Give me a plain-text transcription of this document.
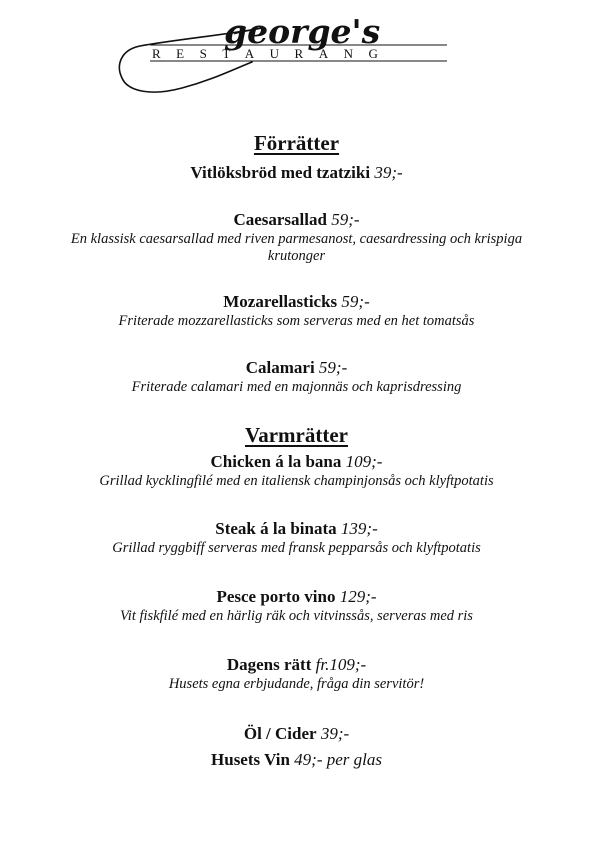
george's
RESTAURANG
Förrätter
Vitlöksbröd med tzatziki 39;-
Caesarsallad 59;-
En klassisk caesarsallad med riven parmesanost, caesardressing och krispiga krutonger
Mozarellasticks 59;-
Friterade mozzarellasticks som serveras med en het tomatsås
Calamari 59;-
Friterade calamari med en majonnäs och kaprisdressing
Varmrätter
Chicken á la bana 109;-
Grillad kycklingfilé med en italiensk champinjonsås och klyftpotatis
Steak á la binata 139;-
Grillad ryggbiff serveras med fransk pepparsås och klyftpotatis
Pesce porto vino 129;-
Vit fiskfilé med en härlig räk och vitvinssås, serveras med ris
Dagens rätt fr.109;-
Husets egna erbjudande, fråga din servitör!
Öl / Cider 39;-
Husets Vin 49;- per glas
